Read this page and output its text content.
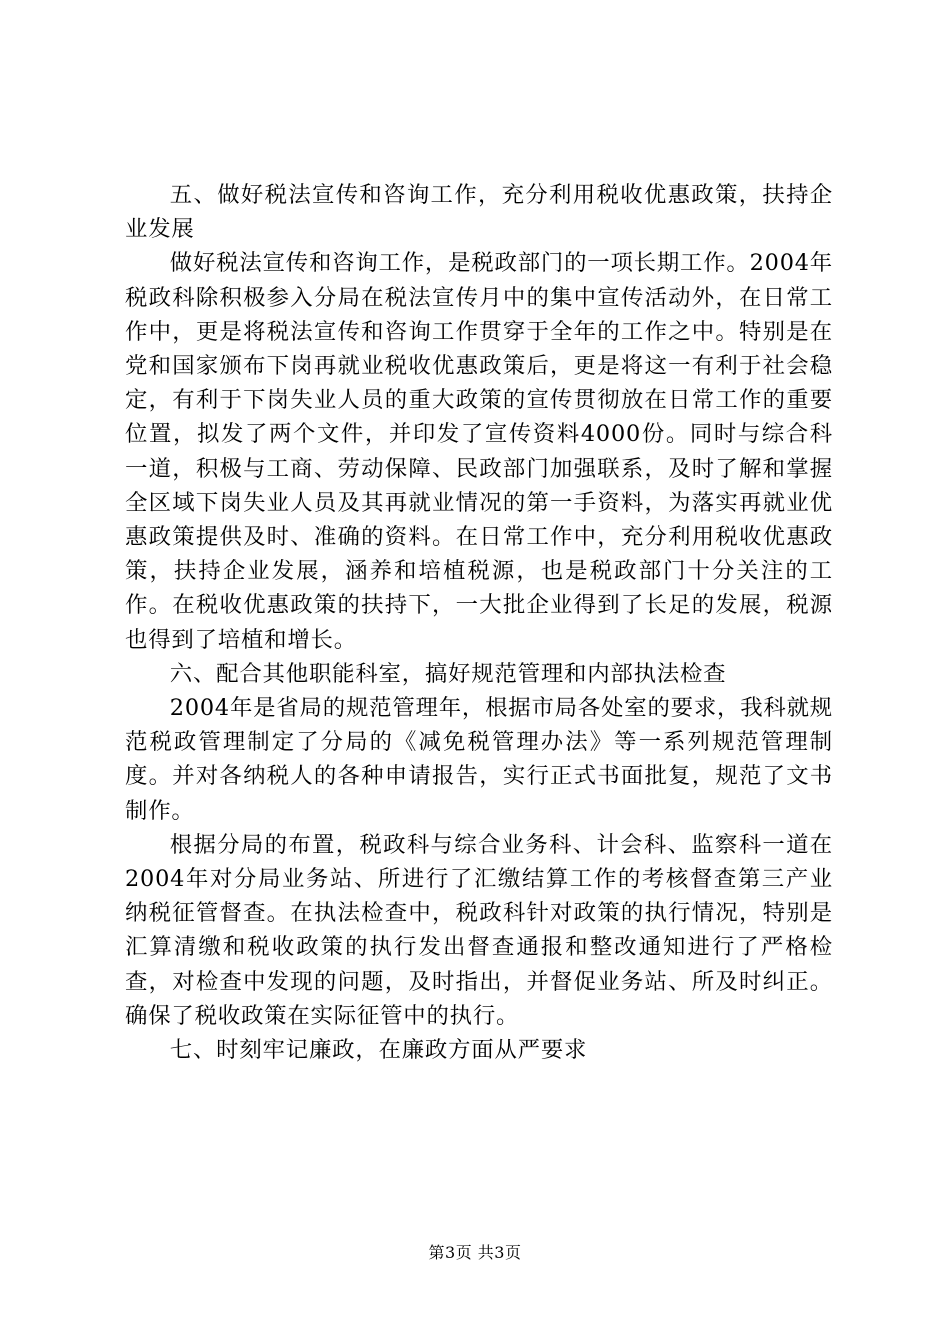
五、做好税法宣传和咨询工作，充分利用税收优惠政策，扶持企业发展

做好税法宣传和咨询工作，是税政部门的一项长期工作。2004年税政科除积极参入分局在税法宣传月中的集中宣传活动外，在日常工作中，更是将税法宣传和咨询工作贯穿于全年的工作之中。特别是在党和国家颁布下岗再就业税收优惠政策后，更是将这一有利于社会稳定，有利于下岗失业人员的重大政策的宣传贯彻放在日常工作的重要位置，拟发了两个文件，并印发了宣传资料4000份。同时与综合科一道，积极与工商、劳动保障、民政部门加强联系，及时了解和掌握全区域下岗失业人员及其再就业情况的第一手资料，为落实再就业优惠政策提供及时、准确的资料。在日常工作中，充分利用税收优惠政策，扶持企业发展，涵养和培植税源，也是税政部门十分关注的工作。在税收优惠政策的扶持下，一大批企业得到了长足的发展，税源也得到了培植和增长。

六、配合其他职能科室，搞好规范管理和内部执法检查

2004年是省局的规范管理年，根据市局各处室的要求，我科就规范税政管理制定了分局的《减免税管理办法》等一系列规范管理制度。并对各纳税人的各种申请报告，实行正式书面批复，规范了文书制作。

根据分局的布置，税政科与综合业务科、计会科、监察科一道在2004年对分局业务站、所进行了汇缴结算工作的考核督查第三产业纳税征管督查。在执法检查中，税政科针对政策的执行情况，特别是汇算清缴和税收政策的执行发出督查通报和整改通知进行了严格检查，对检查中发现的问题，及时指出，并督促业务站、所及时纠正。确保了税收政策在实际征管中的执行。

七、时刻牢记廉政，在廉政方面从严要求

第3页 共3页
